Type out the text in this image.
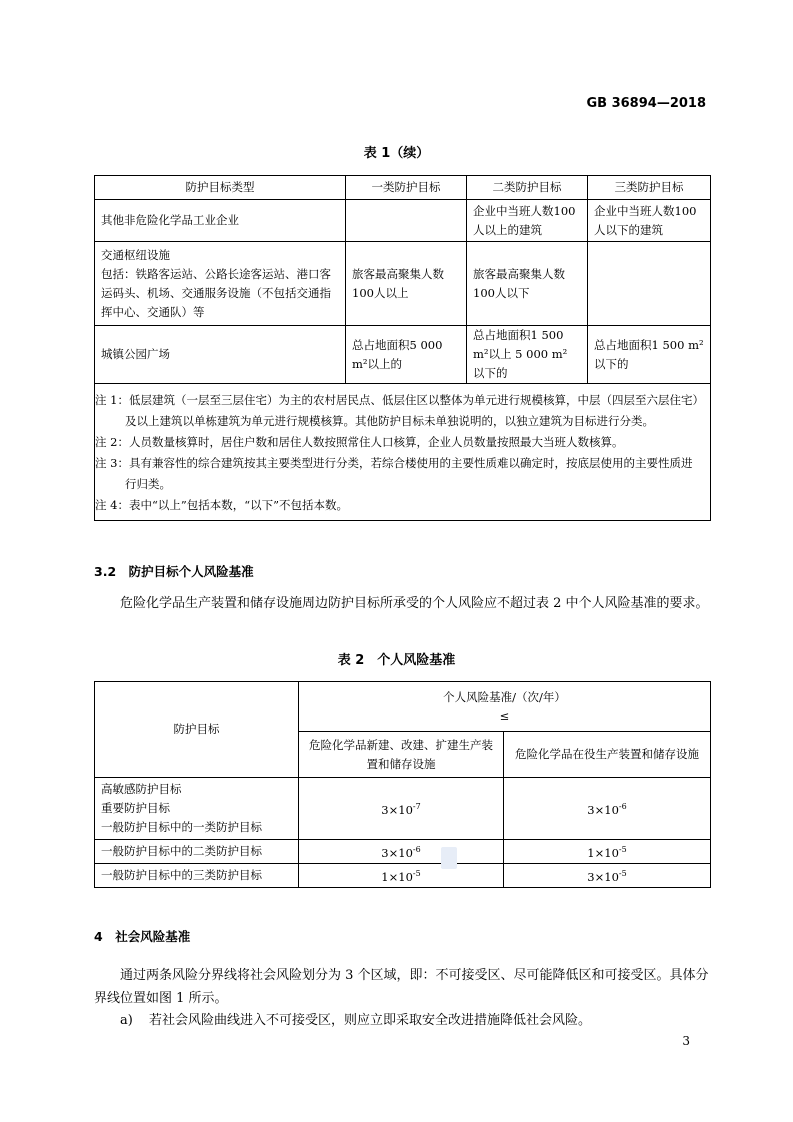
GB 36894—2018
表 1（续）
防护目标类型	一类防护目标	二类防护目标	三类防护目标
其他非危险化学品工业企业		企业中当班人数100人以上的建筑	企业中当班人数100人以下的建筑
交通枢纽设施
包括：铁路客运站、公路长途客运站、港口客运码头、机场、交通服务设施（不包括交通指挥中心、交通队）等	旅客最高聚集人数100人以上	旅客最高聚集人数100人以下	
城镇公园广场	总占地面积5 000 m²以上的	总占地面积1 500 m²以上 5 000 m² 以下的	总占地面积1 500 m²以下的

注 1：低层建筑（一层至三层住宅）为主的农村居民点、低层住区以整体为单元进行规模核算，中层（四层至六层住宅）及以上建筑以单栋建筑为单元进行规模核算。其他防护目标未单独说明的，以独立建筑为目标进行分类。
注 2：人员数量核算时，居住户数和居住人数按照常住人口核算，企业人员数量按照最大当班人数核算。
注 3：具有兼容性的综合建筑按其主要类型进行分类，若综合楼使用的主要性质难以确定时，按底层使用的主要性质进行归类。
注 4：表中“以上”包括本数，“以下”不包括本数。			
3.2　防护目标个人风险基准
危险化学品生产装置和储存设施周边防护目标所承受的个人风险应不超过表 2 中个人风险基准的要求。
表 2　个人风险基准
防护目标	个人风险基准/（次/年）
≤	

	危险化学品新建、改建、扩建生产装置和储存设施	危险化学品在役生产装置和储存设施
高敏感防护目标
重要防护目标
一般防护目标中的一类防护目标	$3\times 10^{-7}$	$3\times 10^{-6}$
一般防护目标中的二类防护目标	$3\times 10^{-6}$	$1\times 10^{-5}$
一般防护目标中的三类防护目标	$1\times 10^{-5}$	$3\times 10^{-5}$
4　社会风险基准
通过两条风险分界线将社会风险划分为 3 个区域，即：不可接受区、尽可能降低区和可接受区。具体分界线位置如图 1 所示。
a) 若社会风险曲线进入不可接受区，则应立即采取安全改进措施降低社会风险。
3
